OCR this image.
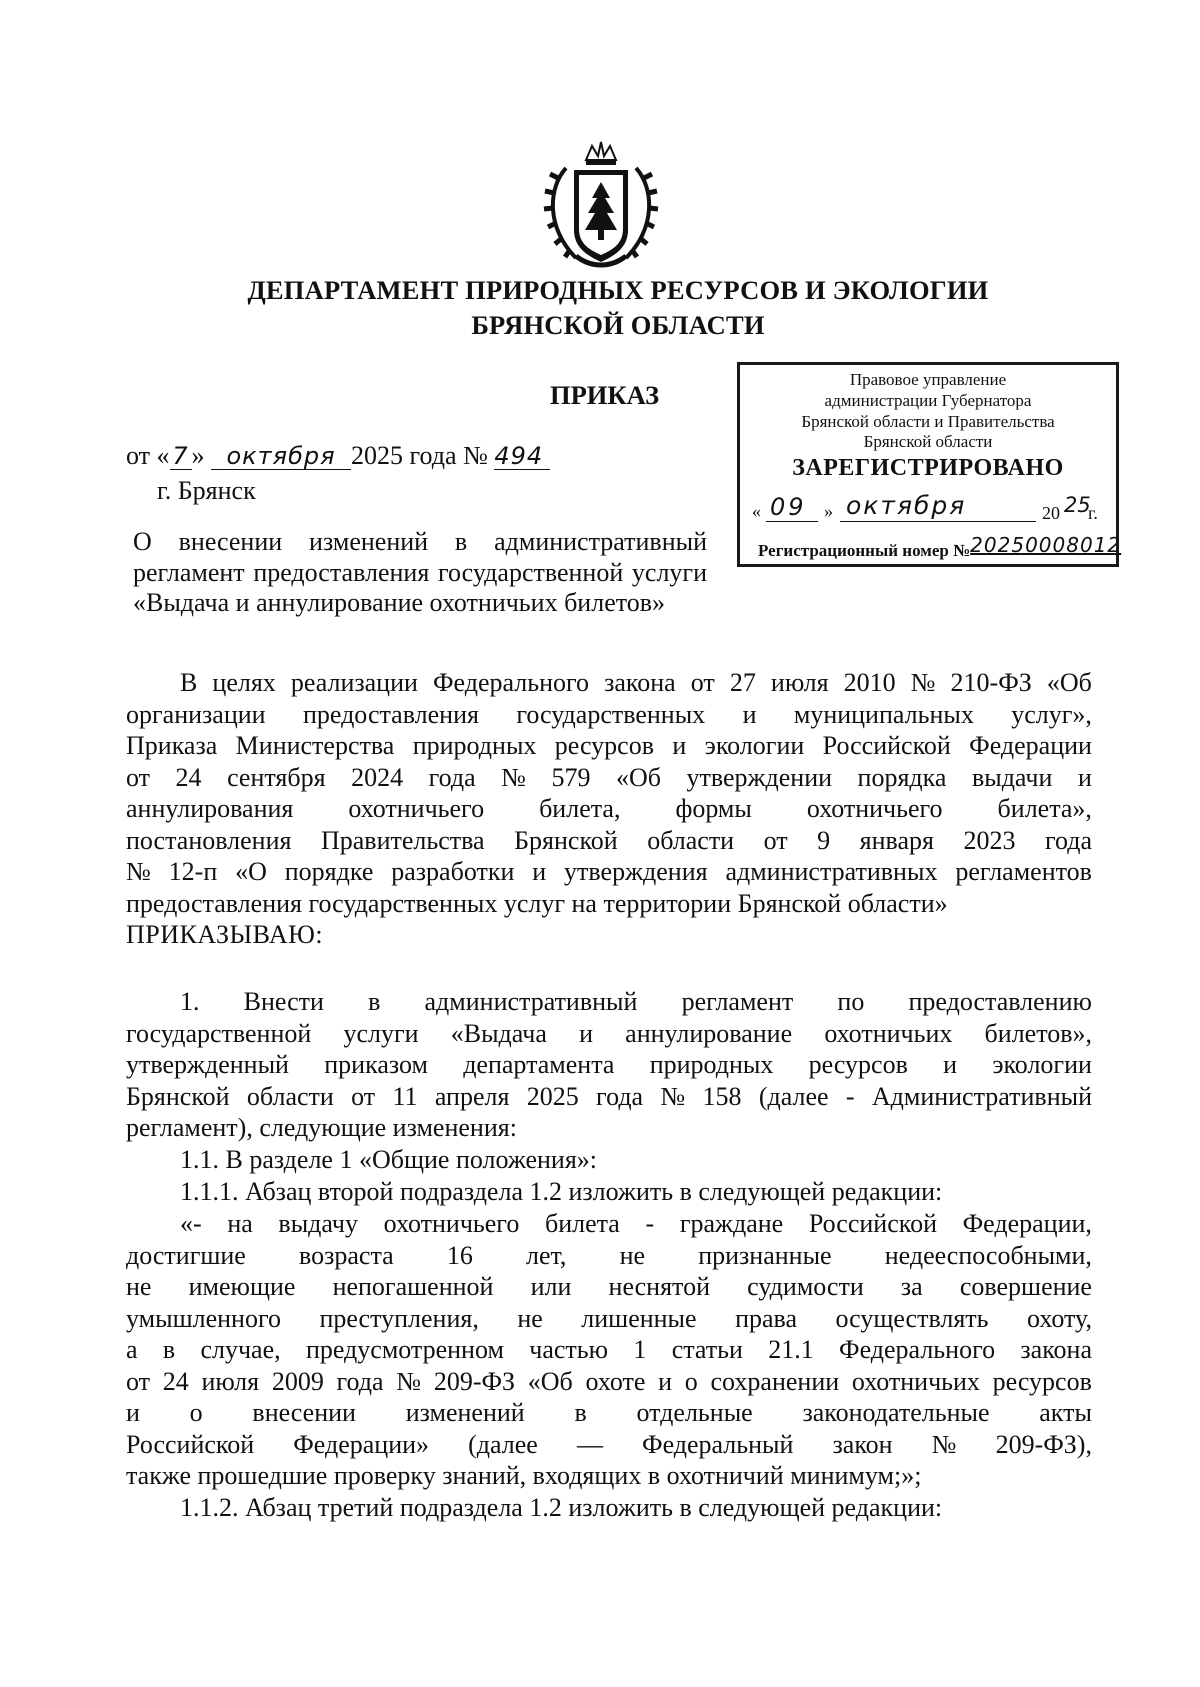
ДЕПАРТАМЕНТ ПРИРОДНЫХ РЕСУРСОВ И ЭКОЛОГИИ
БРЯНСКОЙ ОБЛАСТИ
ПРИКАЗ
Правовое управление
администрации Губернатора
Брянской области и Правительства
Брянской области
ЗАРЕГИСТРИРОВАНО
« 09 » октября	20 25
г.
Регистрационный номер №20250008012
от « 7 » октября 2025 года № 494
г. Брянск
О внесении изменений в административный регламент предоставления государственной услуги «Выдача и аннулирование охотничьих билетов»
В целях реализации Федерального закона от 27 июля 2010 № 210-ФЗ «Об
организации предоставления государственных и муниципальных услуг»,
Приказа Министерства природных ресурсов и экологии Российской Федерации
от 24 сентября 2024 года № 579 «Об утверждении порядка выдачи и
аннулирования охотничьего билета, формы охотничьего билета»,
постановления Правительства Брянской области от 9 января 2023 года
№ 12-п «О порядке разработки и утверждения административных регламентов
предоставления государственных услуг на территории Брянской области»
ПРИКАЗЫВАЮ:
1. Внести в административный регламент по предоставлению
государственной услуги «Выдача и аннулирование охотничьих билетов»,
утвержденный приказом департамента природных ресурсов и экологии
Брянской области от 11 апреля 2025 года № 158 (далее - Административный
регламент), следующие изменения:
1.1. В разделе 1 «Общие положения»:
1.1.1. Абзац второй подраздела 1.2 изложить в следующей редакции:
«- на выдачу охотничьего билета - граждане Российской Федерации,
достигшие возраста 16 лет, не признанные недееспособными,
не имеющие непогашенной или неснятой судимости за совершение
умышленного преступления, не лишенные права осуществлять охоту,
а в случае, предусмотренном частью 1 статьи 21.1 Федерального закона
от 24 июля 2009 года № 209-ФЗ «Об охоте и о сохранении охотничьих ресурсов
и о внесении изменений в отдельные законодательные акты
Российской Федерации» (далее — Федеральный закон № 209-ФЗ),
также прошедшие проверку знаний, входящих в охотничий минимум;»;
1.1.2. Абзац третий подраздела 1.2 изложить в следующей редакции:
